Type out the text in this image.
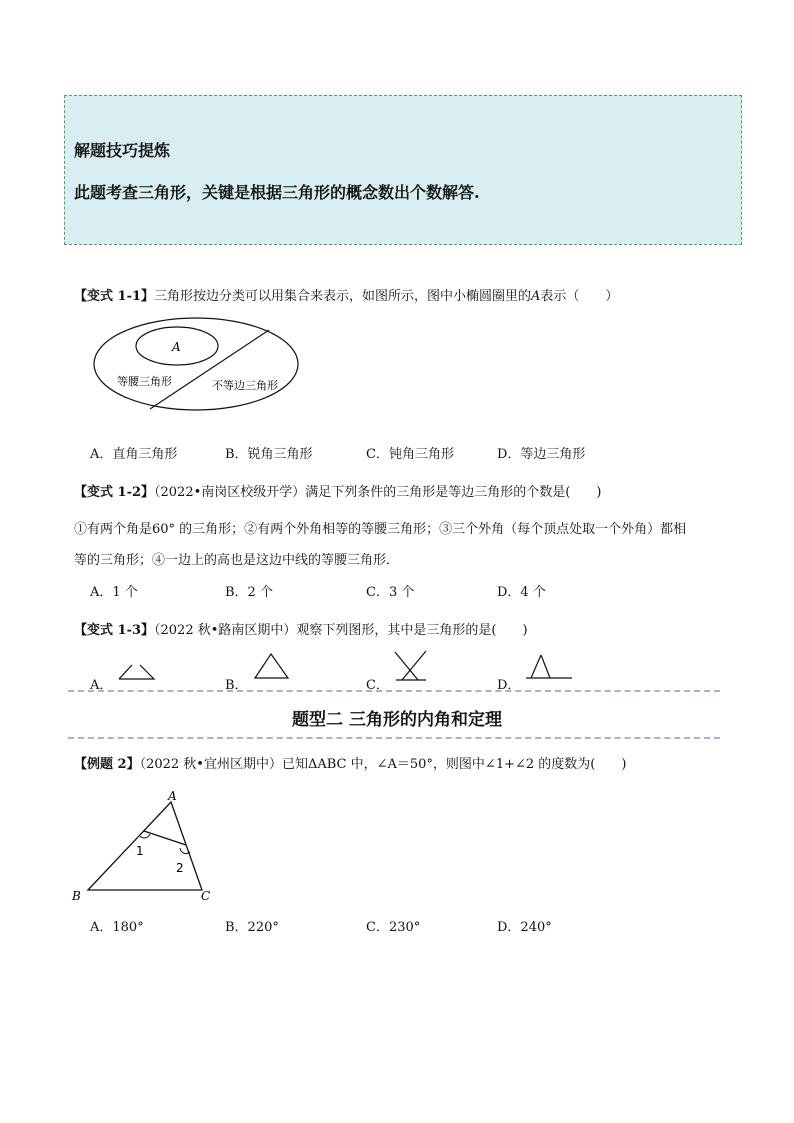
解题技巧提炼
此题考查三角形，关键是根据三角形的概念数出个数解答.
【变式 1-1】三角形按边分类可以用集合来表示，如图所示，图中小椭圆圈里的A表示（　　）
A
等腰三角形	不等边三角形
A．直角三角形	B．锐角三角形	C．钝角三角形	D．等边三角形
【变式 1-2】（2022•南岗区校级开学）满足下列条件的三角形是等边三角形的个数是(　　)
①有两个角是60° 的三角形；②有两个外角相等的等腰三角形；③三个外角（每个顶点处取一个外角）都相
等的三角形；④一边上的高也是这边中线的等腰三角形．
A．1 个	B．2 个	C．3 个	D．4 个
【变式 1-3】（2022 秋•路南区期中）观察下列图形，其中是三角形的是(　　)
A．	B．	C．	D．
题型二 三角形的内角和定理
【例题 2】（2022 秋•宜州区期中）已知ΔABC 中，∠A＝50°，则图中∠1+∠2 的度数为(　　)
A
B	C
1
2
A．180°	B．220°	C．230°	D．240°
